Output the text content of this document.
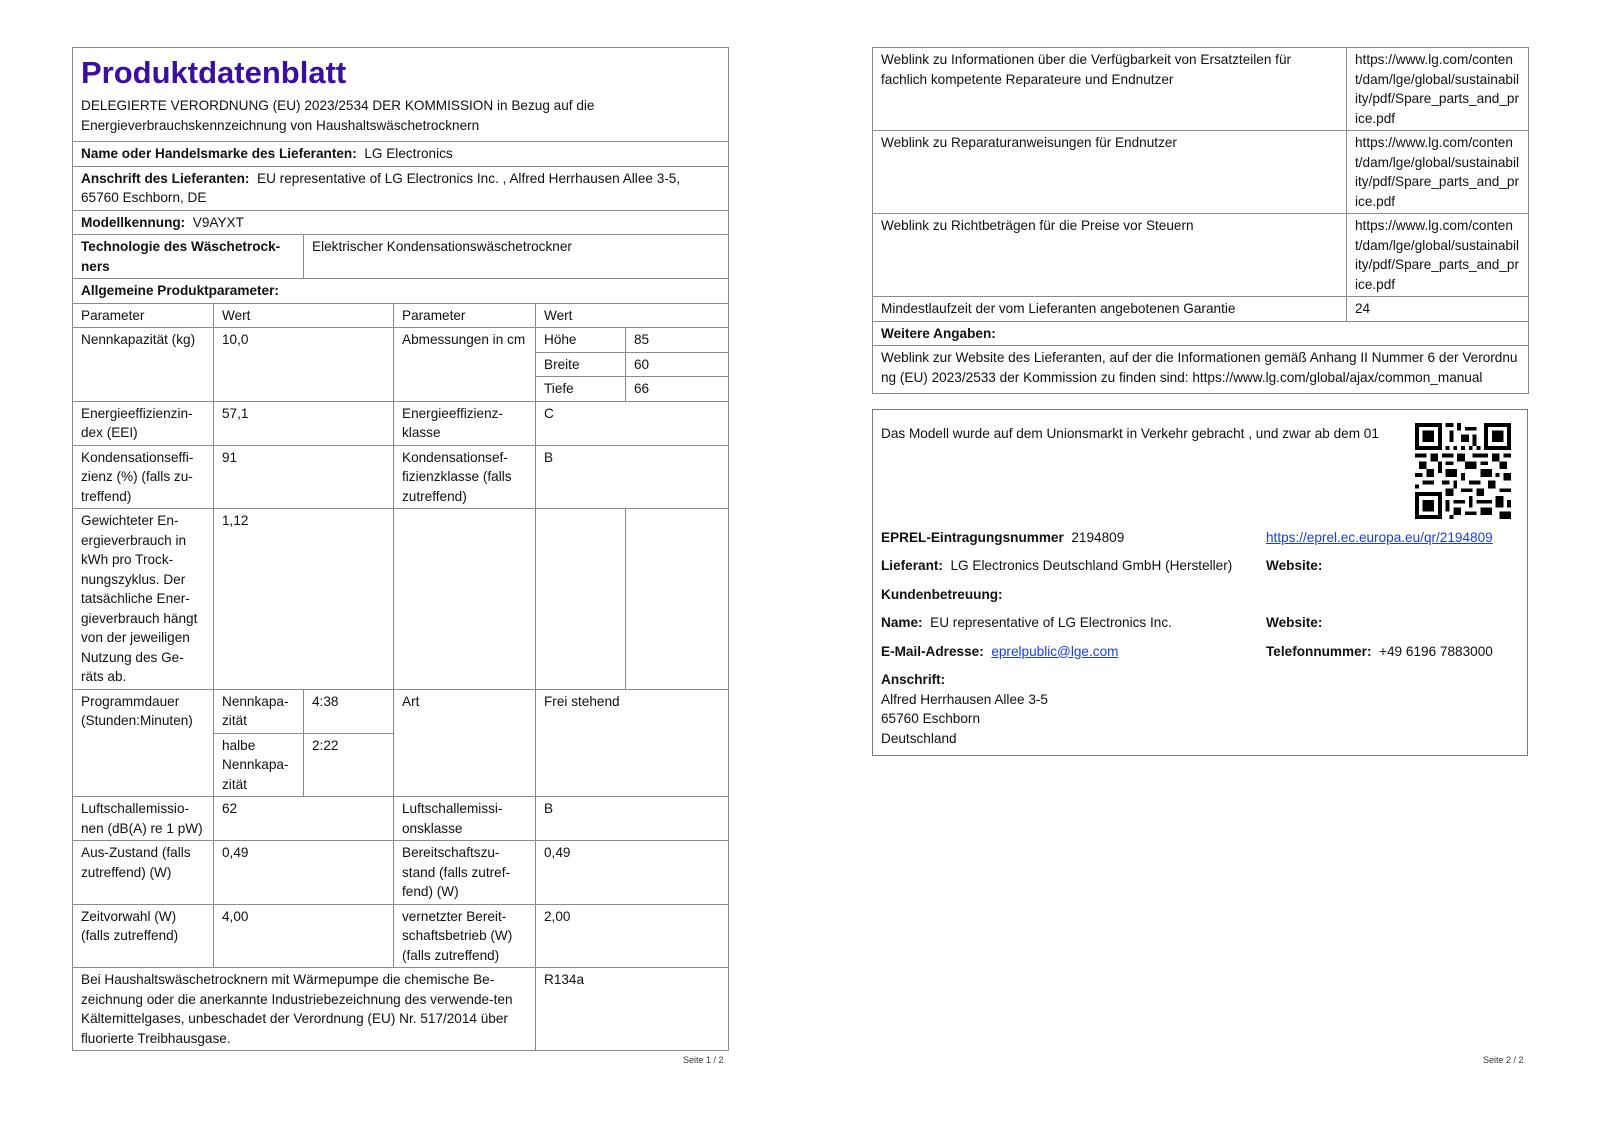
Produktdatenblatt
DELEGIERTE VERORDNUNG (EU) 2023/2534 DER KOMMISSION in Bezug auf die Energieverbrauchskennzeichnung von Haushaltswäschetrocknern					

Name oder Handelsmarke des Lieferanten: LG Electronics					
Anschrift des Lieferanten: EU representative of LG Electronics Inc. , Alfred Herrhausen Allee 3-5, 65760 Eschborn, DE					
Modellkennung: V9AYXT					
Technologie des Wäschetrock-ners		Elektrischer Kondensationswäschetrockner			
Allgemeine Produktparameter:					
Parameter	Wert		Parameter	Wert	
Nennkapazität (kg)	10,0		Abmessungen in cm	Höhe	85
				Breite	60
				Tiefe	66
Energieeffizienzin-dex (EEI)	57,1		Energieeffizienz-klasse	C	
Kondensationseffi-zienz (%) (falls zu-treffend)	91		Kondensationsef-fizienzklasse (falls zutreffend)	B	
Gewichteter En-ergieverbrauch in kWh pro Trock-nungszyklus. Der tatsächliche Ener-gieverbrauch hängt von der jeweiligen Nutzung des Ge-räts ab.	1,12				
Programmdauer (Stunden:Minuten)	Nennkapa-zität	4:38	Art	Frei stehend	
	halbe Nennkapa-zität	2:22			
Luftschallemissio-nen (dB(A) re 1 pW)	62		Luftschallemissi-onsklasse	B	
Aus-Zustand (falls zutreffend) (W)	0,49		Bereitschaftszu-stand (falls zutref-fend) (W)	0,49	
Zeitvorwahl (W) (falls zutreffend)	4,00		vernetzter Bereit-schaftsbetrieb (W) (falls zutreffend)	2,00	
Bei Haushaltswäschetrocknern mit Wärmepumpe die chemische Be-zeichnung oder die anerkannte Industriebezeichnung des verwende-ten Kältemittelgases, unbeschadet der Verordnung (EU) Nr. 517/2014 über fluorierte Treibhausgase.				R134a	
Seite 1 / 2
Weblink zu Informationen über die Verfügbarkeit von Ersatzteilen für fachlich kompetente Reparateure und Endnutzer	https://www.lg.com/content/dam/lge/global/sustainability/pdf/Spare_parts_and_price.pdf
Weblink zu Reparaturanweisungen für Endnutzer	https://www.lg.com/content/dam/lge/global/sustainability/pdf/Spare_parts_and_price.pdf
Weblink zu Richtbeträgen für die Preise vor Steuern	https://www.lg.com/content/dam/lge/global/sustainability/pdf/Spare_parts_and_price.pdf
Mindestlaufzeit der vom Lieferanten angebotenen Garantie	24
Weitere Angaben:	
Weblink zur Website des Lieferanten, auf der die Informationen gemäß Anhang II Nummer 6 der Verordnung (EU) 2023/2533 der Kommission zu finden sind: https://www.lg.com/global/ajax/common_manual	
Das Modell wurde auf dem Unionsmarkt in Verkehr gebracht , und zwar ab dem 01
EPREL-Eintragungsnummer 2194809	https://eprel.ec.europa.eu/qr/2194809
Lieferant: LG Electronics Deutschland GmbH (Hersteller)	Website:
Kundenbetreuung:
Name: EU representative of LG Electronics Inc.	Website:
E-Mail-Adresse: eprelpublic@lge.com	Telefonnummer: +49 6196 7883000
Anschrift:
Alfred Herrhausen Allee 3-5
65760 Eschborn
Deutschland
Seite 2 / 2
